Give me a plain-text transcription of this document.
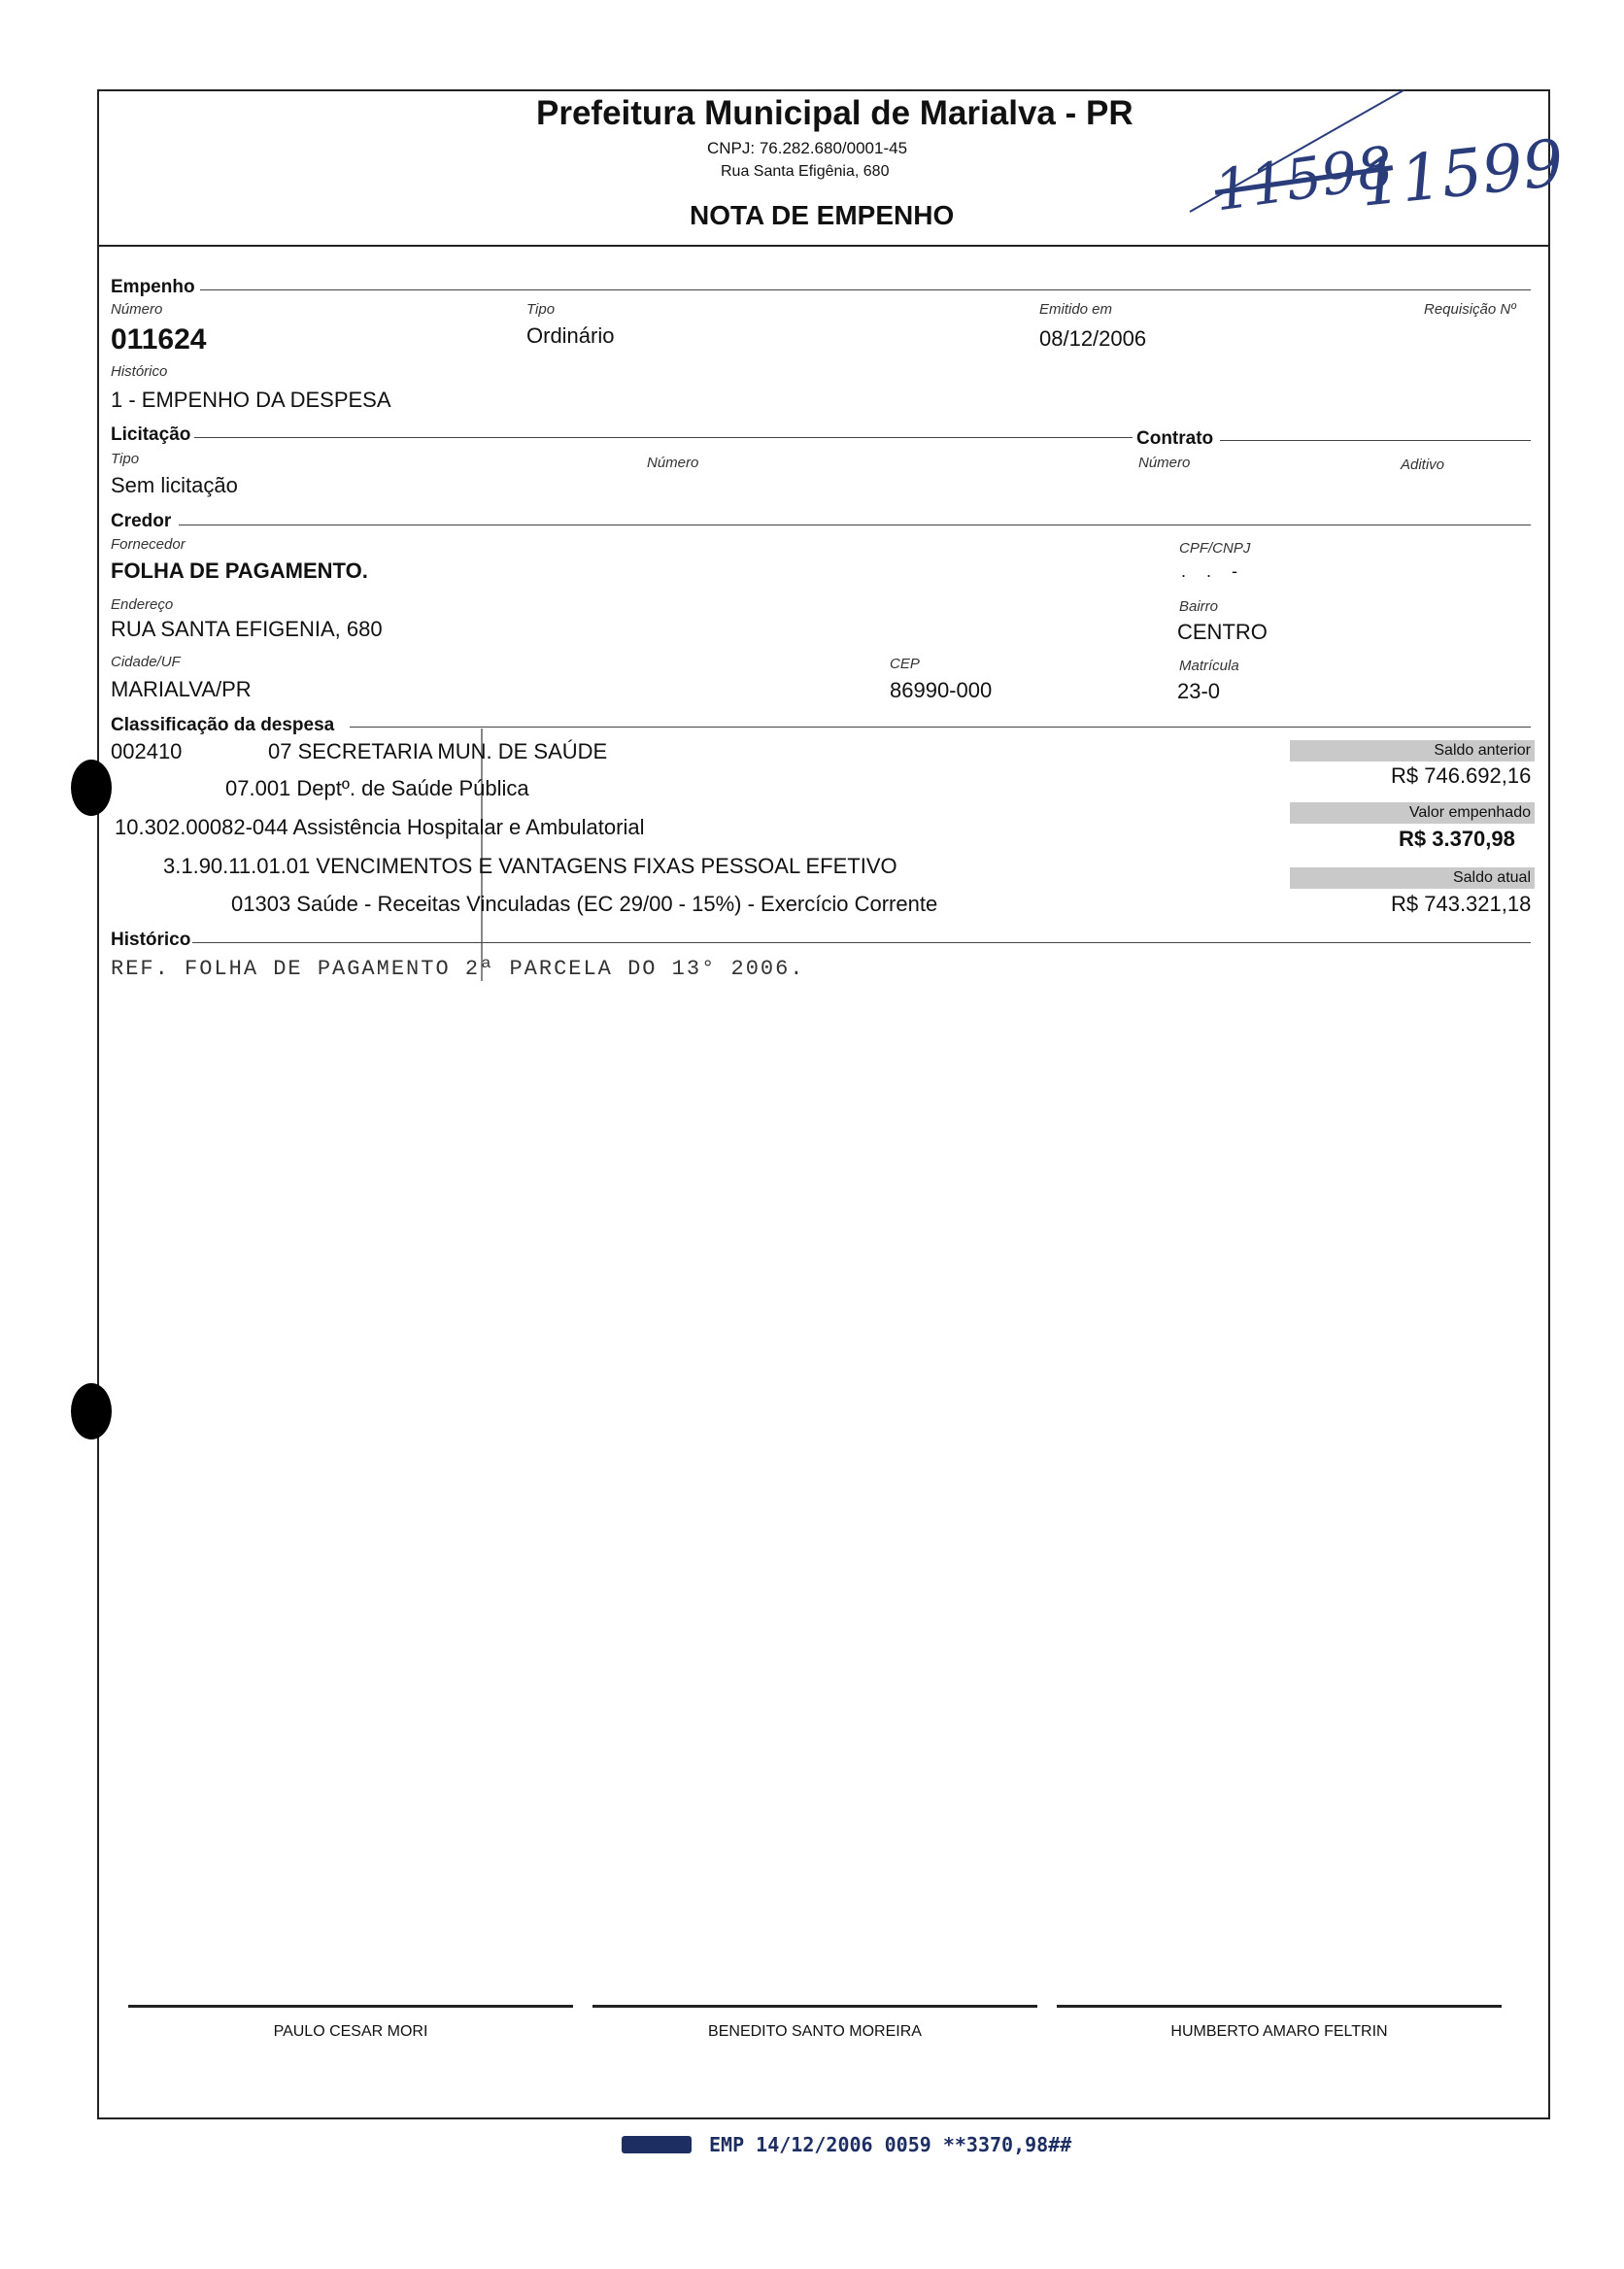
Prefeitura Municipal de Marialva - PR
CNPJ: 76.282.680/0001-45
Rua Santa Efigênia, 680
NOTA DE EMPENHO	11598
11599
Empenho
Número
011624
Tipo
Ordinário
Emitido em
08/12/2006
Requisição Nº
Histórico
1 - EMPENHO DA DESPESA
Licitação	Contrato
Tipo
Sem licitação
Número	Número	Aditivo
Credor
Fornecedor
FOLHA DE PAGAMENTO.
CPF/CNPJ
. . -
Endereço
RUA SANTA EFIGENIA, 680
Bairro
CENTRO
Cidade/UF
MARIALVA/PR
CEP
86990-000
Matrícula
23-0
Classificação da despesa
002410	07 SECRETARIA MUN. DE SAÚDE
07.001 Deptº. de Saúde Pública
10.302.00082-044 Assistência Hospitalar e Ambulatorial
3.1.90.11.01.01 VENCIMENTOS E VANTAGENS FIXAS PESSOAL EFETIVO
01303 Saúde - Receitas Vinculadas (EC 29/00 - 15%) - Exercício Corrente
Saldo anterior
R$ 746.692,16
Valor empenhado
R$ 3.370,98
Saldo atual
R$ 743.321,18
Histórico
REF. FOLHA DE PAGAMENTO 2ª PARCELA DO 13° 2006.
PAULO CESAR MORI	BENEDITO SANTO MOREIRA	HUMBERTO AMARO FELTRIN
EMP 14/12/2006 0059 **3370,98##
